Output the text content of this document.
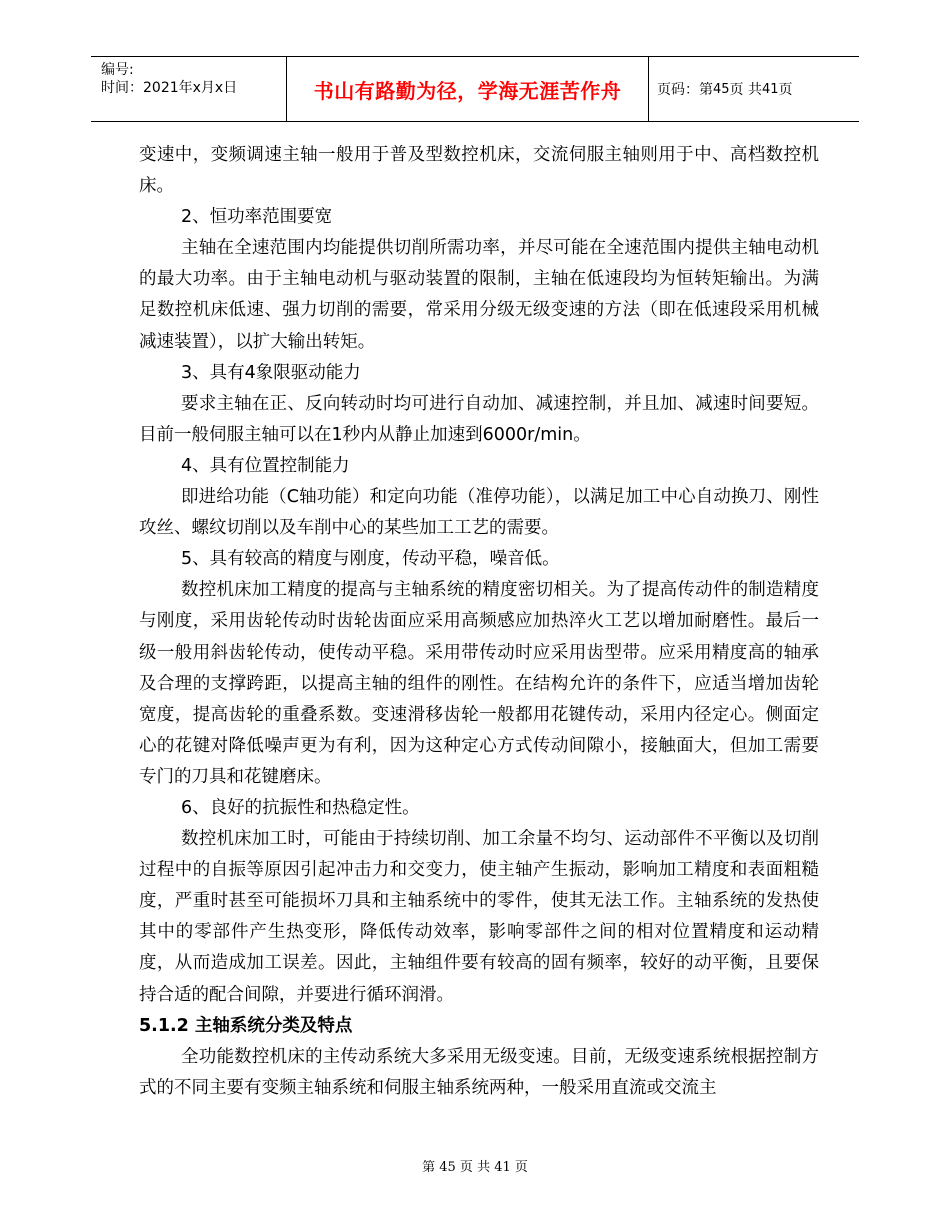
编号:
时间：2021年x月x日	书山有路勤为径，学海无涯苦作舟	页码：第 45 页 共 41 页

变速中，变频调速主轴一般用于普及型数控机床，交流伺服主轴则用于中、高档数控机床。

2、恒功率范围要宽

主轴在全速范围内均能提供切削所需功率，并尽可能在全速范围内提供主轴电动机的最大功率。由于主轴电动机与驱动装置的限制，主轴在低速段均为恒转矩输出。为满足数控机床低速、强力切削的需要，常采用分级无级变速的方法（即在低速段采用机械减速装置），以扩大输出转矩。

3、具有4象限驱动能力

要求主轴在正、反向转动时均可进行自动加、减速控制，并且加、减速时间要短。目前一般伺服主轴可以在1秒内从静止加速到6000r/min。

4、具有位置控制能力

即进给功能（C轴功能）和定向功能（准停功能），以满足加工中心自动换刀、刚性攻丝、螺纹切削以及车削中心的某些加工工艺的需要。

5、具有较高的精度与刚度，传动平稳，噪音低。

数控机床加工精度的提高与主轴系统的精度密切相关。为了提高传动件的制造精度与刚度，采用齿轮传动时齿轮齿面应采用高频感应加热淬火工艺以增加耐磨性。最后一级一般用斜齿轮传动，使传动平稳。采用带传动时应采用齿型带。应采用精度高的轴承及合理的支撑跨距，以提高主轴的组件的刚性。在结构允许的条件下，应适当增加齿轮宽度，提高齿轮的重叠系数。变速滑移齿轮一般都用花键传动，采用内径定心。侧面定心的花键对降低噪声更为有利，因为这种定心方式传动间隙小，接触面大，但加工需要专门的刀具和花键磨床。

6、良好的抗振性和热稳定性。

数控机床加工时，可能由于持续切削、加工余量不均匀、运动部件不平衡以及切削过程中的自振等原因引起冲击力和交变力，使主轴产生振动，影响加工精度和表面粗糙度，严重时甚至可能损坏刀具和主轴系统中的零件，使其无法工作。主轴系统的发热使其中的零部件产生热变形，降低传动效率，影响零部件之间的相对位置精度和运动精度，从而造成加工误差。因此，主轴组件要有较高的固有频率，较好的动平衡，且要保持合适的配合间隙，并要进行循环润滑。

5.1.2 主轴系统分类及特点

全功能数控机床的主传动系统大多采用无级变速。目前，无级变速系统根据控制方式的不同主要有变频主轴系统和伺服主轴系统两种，一般采用直流或交流主

第 45 页 共 41 页
